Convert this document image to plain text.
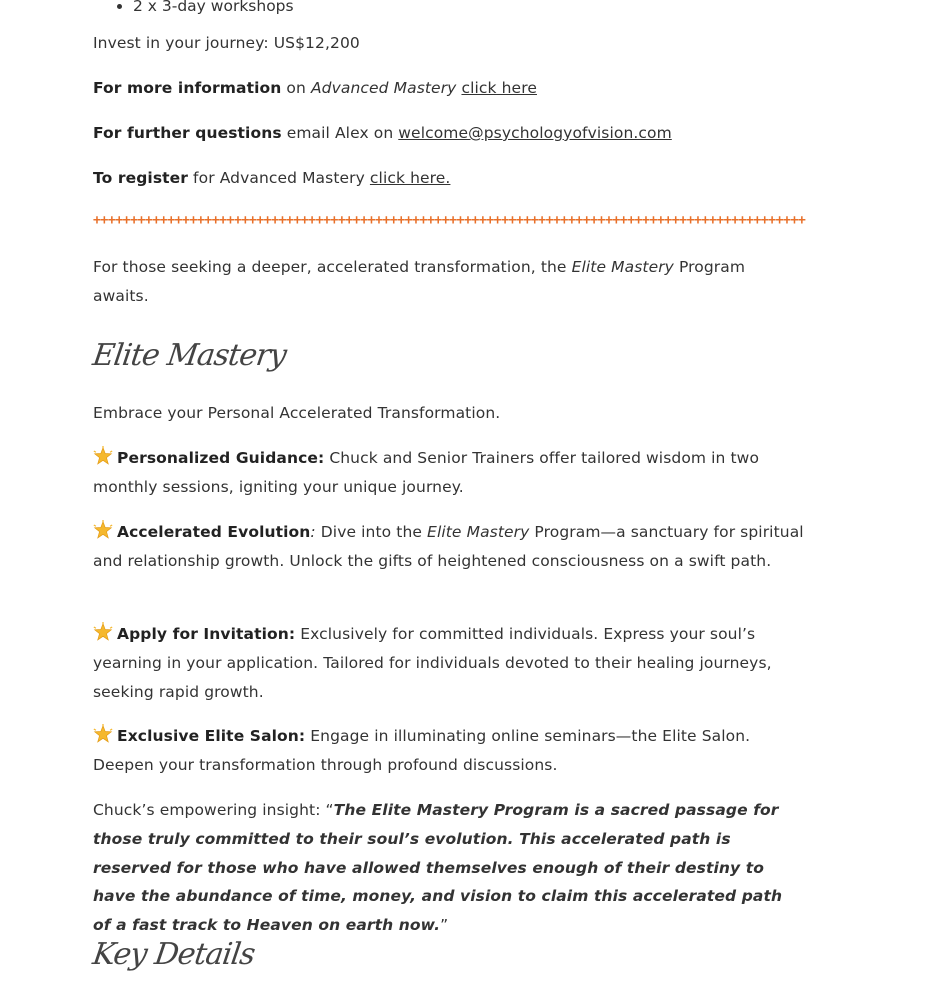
• 2 x 3-day workshops

Invest in your journey: US$12,200

For more information on Advanced Mastery click here

For further questions email Alex on welcome@psychologyofvision.com

To register for Advanced Mastery click here.

++++++++++++++++++++++++++++++++++++++++++++++++++++++++++++++++++++++++++++++++++++++++++++++++

For those seeking a deeper, accelerated transformation, the Elite Mastery Program awaits.

Elite Mastery

Embrace your Personal Accelerated Transformation.

Personalized Guidance: Chuck and Senior Trainers offer tailored wisdom in two monthly sessions, igniting your unique journey.

Accelerated Evolution: Dive into the Elite Mastery Program—a sanctuary for spiritual and relationship growth. Unlock the gifts of heightened consciousness on a swift path.

Apply for Invitation: Exclusively for committed individuals. Express your soul’s yearning in your application. Tailored for individuals devoted to their healing journeys, seeking rapid growth.

Exclusive Elite Salon: Engage in illuminating online seminars—the Elite Salon. Deepen your transformation through profound discussions.

Chuck’s empowering insight: “The Elite Mastery Program is a sacred passage for those truly committed to their soul’s evolution. This accelerated path is reserved for those who have allowed themselves enough of their destiny to have the abundance of time, money, and vision to claim this accelerated path of a fast track to Heaven on earth now.”

Key Details
